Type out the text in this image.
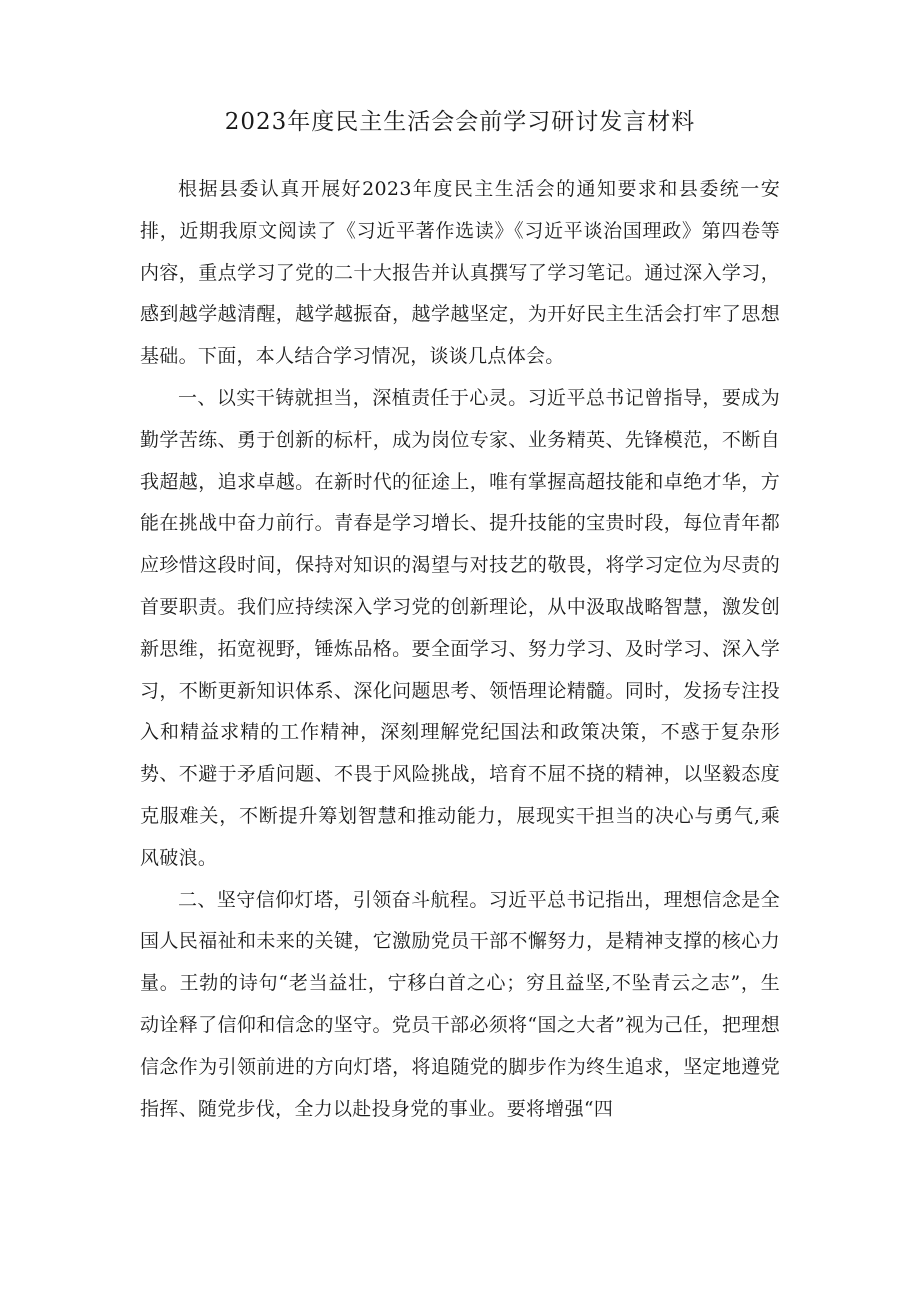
2023年度民主生活会会前学习研讨发言材料

根据县委认真开展好2023年度民主生活会的通知要求和县委统一安排，近期我原文阅读了《习近平著作选读》《习近平谈治国理政》第四卷等内容，重点学习了党的二十大报告并认真撰写了学习笔记。通过深入学习，感到越学越清醒，越学越振奋，越学越坚定，为开好民主生活会打牢了思想基础。下面，本人结合学习情况，谈谈几点体会。

一、以实干铸就担当，深植责任于心灵。习近平总书记曾指导，要成为勤学苦练、勇于创新的标杆，成为岗位专家、业务精英、先锋模范，不断自我超越，追求卓越。在新时代的征途上，唯有掌握高超技能和卓绝才华，方能在挑战中奋力前行。青春是学习增长、提升技能的宝贵时段，每位青年都应珍惜这段时间，保持对知识的渴望与对技艺的敬畏，将学习定位为尽责的首要职责。我们应持续深入学习党的创新理论，从中汲取战略智慧，激发创新思维，拓宽视野，锤炼品格。要全面学习、努力学习、及时学习、深入学习，不断更新知识体系、深化问题思考、领悟理论精髓。同时，发扬专注投入和精益求精的工作精神，深刻理解党纪国法和政策决策，不惑于复杂形势、不避于矛盾问题、不畏于风险挑战，培育不屈不挠的精神，以坚毅态度克服难关，不断提升筹划智慧和推动能力，展现实干担当的决心与勇气,乘风破浪。

二、坚守信仰灯塔，引领奋斗航程。习近平总书记指出，理想信念是全国人民福祉和未来的关键，它激励党员干部不懈努力，是精神支撑的核心力量。王勃的诗句“老当益壮，宁移白首之心；穷且益坚,不坠青云之志”，生动诠释了信仰和信念的坚守。党员干部必须将“国之大者”视为己任，把理想信念作为引领前进的方向灯塔，将追随党的脚步作为终生追求，坚定地遵党指挥、随党步伐，全力以赴投身党的事业。要将增强“四
